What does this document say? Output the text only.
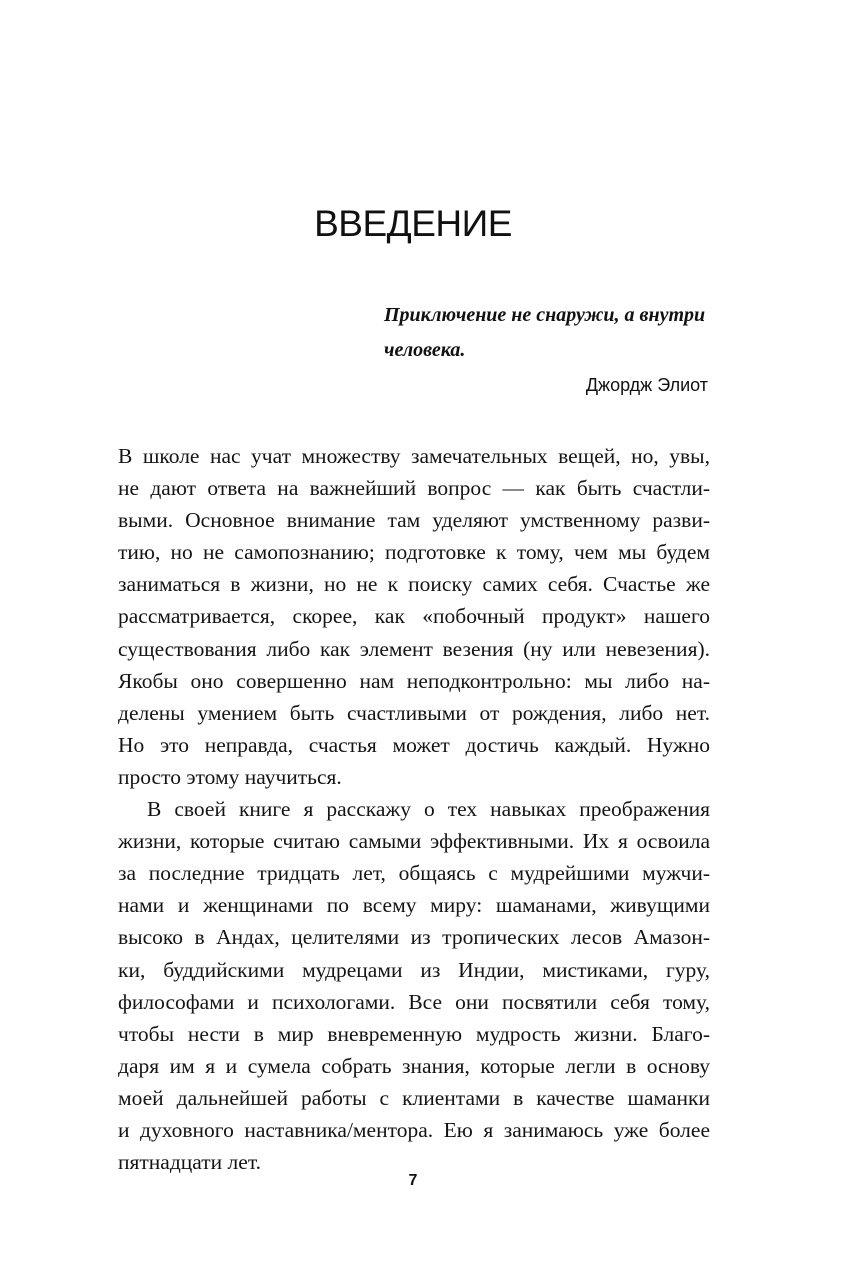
ВВЕДЕНИЕ

Приключение не снаружи, а внутри человека.

Джордж Элиот

В школе нас учат множеству замечательных вещей, но, увы,
не дают ответа на важнейший вопрос — как быть счастли-
выми. Основное внимание там уделяют умственному разви-
тию, но не самопознанию; подготовке к тому, чем мы будем
заниматься в жизни, но не к поиску самих себя. Счастье же
рассматривается, скорее, как «побочный продукт» нашего
существования либо как элемент везения (ну или невезения).
Якобы оно совершенно нам неподконтрольно: мы либо на-
делены умением быть счастливыми от рождения, либо нет.
Но это неправда, счастья может достичь каждый. Нужно
просто этому научиться.
В своей книге я расскажу о тех навыках преображения
жизни, которые считаю самыми эффективными. Их я освоила
за последние тридцать лет, общаясь с мудрейшими мужчи-
нами и женщинами по всему миру: шаманами, живущими
высоко в Андах, целителями из тропических лесов Амазон-
ки, буддийскими мудрецами из Индии, мистиками, гуру,
философами и психологами. Все они посвятили себя тому,
чтобы нести в мир вневременную мудрость жизни. Благо-
даря им я и сумела собрать знания, которые легли в основу
моей дальнейшей работы с клиентами в качестве шаманки
и духовного наставника/ментора. Ею я занимаюсь уже более
пятнадцати лет.

7
